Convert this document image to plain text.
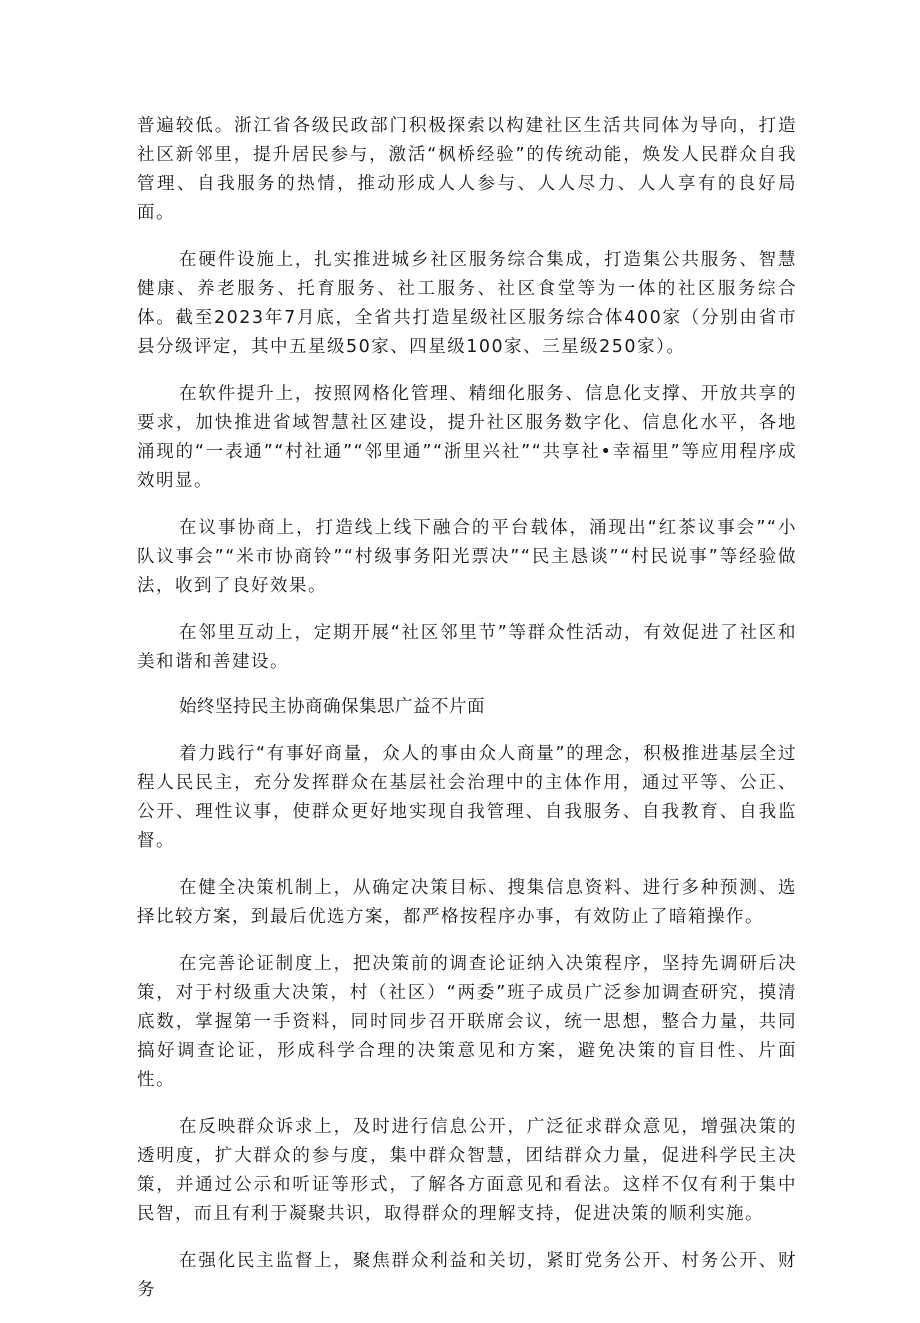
普遍较低。浙江省各级民政部门积极探索以构建社区生活共同体为导向，打造社区新邻里，提升居民参与，激活“枫桥经验”的传统动能，焕发人民群众自我管理、自我服务的热情，推动形成人人参与、人人尽力、人人享有的良好局面。

在硬件设施上，扎实推进城乡社区服务综合集成，打造集公共服务、智慧健康、养老服务、托育服务、社工服务、社区食堂等为一体的社区服务综合体。截至2023年7月底，全省共打造星级社区服务综合体400家（分别由省市县分级评定，其中五星级50家、四星级100家、三星级250家）。

在软件提升上，按照网格化管理、精细化服务、信息化支撑、开放共享的要求，加快推进省域智慧社区建设，提升社区服务数字化、信息化水平，各地涌现的“一表通”“村社通”“邻里通”“浙里兴社”“共享社•幸福里”等应用程序成效明显。

在议事协商上，打造线上线下融合的平台载体，涌现出“红茶议事会”“小队议事会”“米市协商铃”“村级事务阳光票决”“民主恳谈”“村民说事”等经验做法，收到了良好效果。

在邻里互动上，定期开展“社区邻里节”等群众性活动，有效促进了社区和美和谐和善建设。

始终坚持民主协商确保集思广益不片面

着力践行“有事好商量，众人的事由众人商量”的理念，积极推进基层全过程人民民主，充分发挥群众在基层社会治理中的主体作用，通过平等、公正、公开、理性议事，使群众更好地实现自我管理、自我服务、自我教育、自我监督。

在健全决策机制上，从确定决策目标、搜集信息资料、进行多种预测、选择比较方案，到最后优选方案，都严格按程序办事，有效防止了暗箱操作。

在完善论证制度上，把决策前的调查论证纳入决策程序，坚持先调研后决策，对于村级重大决策，村（社区）“两委”班子成员广泛参加调查研究，摸清底数，掌握第一手资料，同时同步召开联席会议，统一思想，整合力量，共同搞好调查论证，形成科学合理的决策意见和方案，避免决策的盲目性、片面性。

在反映群众诉求上，及时进行信息公开，广泛征求群众意见，增强决策的透明度，扩大群众的参与度，集中群众智慧，团结群众力量，促进科学民主决策，并通过公示和听证等形式，了解各方面意见和看法。这样不仅有利于集中民智，而且有利于凝聚共识，取得群众的理解支持，促进决策的顺利实施。

在强化民主监督上，聚焦群众利益和关切，紧盯党务公开、村务公开、财务
